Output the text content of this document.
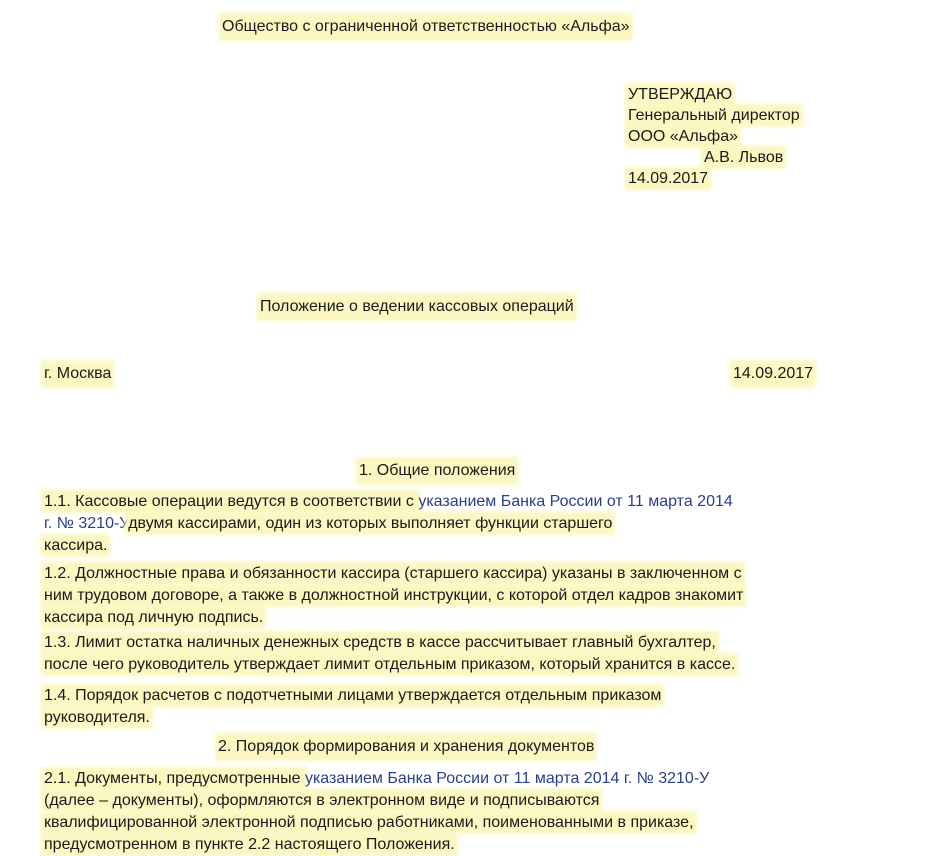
Общество с ограниченной ответственностью «Альфа»
УТВЕРЖДАЮ
Генеральный директор
ООО «Альфа»
А.В. Львов
14.09.2017
Положение о ведении кассовых операций
г. Москва	14.09.2017
1. Общие положения
1.1. Кассовые операции ведутся в соответствии с указанием Банка России от 11 марта 2014
г. № 3210-Удвумя кассирами, один из которых выполняет функции старшего
кассира.
1.2. Должностные права и обязанности кассира (старшего кассира) указаны в заключенном с
ним трудовом договоре, а также в должностной инструкции, с которой отдел кадров знакомит
кассира под личную подпись.
1.3. Лимит остатка наличных денежных средств в кассе рассчитывает главный бухгалтер,
после чего руководитель утверждает лимит отдельным приказом, который хранится в кассе.
1.4. Порядок расчетов с подотчетными лицами утверждается отдельным приказом
руководителя.
2. Порядок формирования и хранения документов
2.1. Документы, предусмотренные указанием Банка России от 11 марта 2014 г. № 3210-У
(далее – документы), оформляются в электронном виде и подписываются
квалифицированной электронной подписью работниками, поименованными в приказе,
предусмотренном в пункте 2.2 настоящего Положения.
